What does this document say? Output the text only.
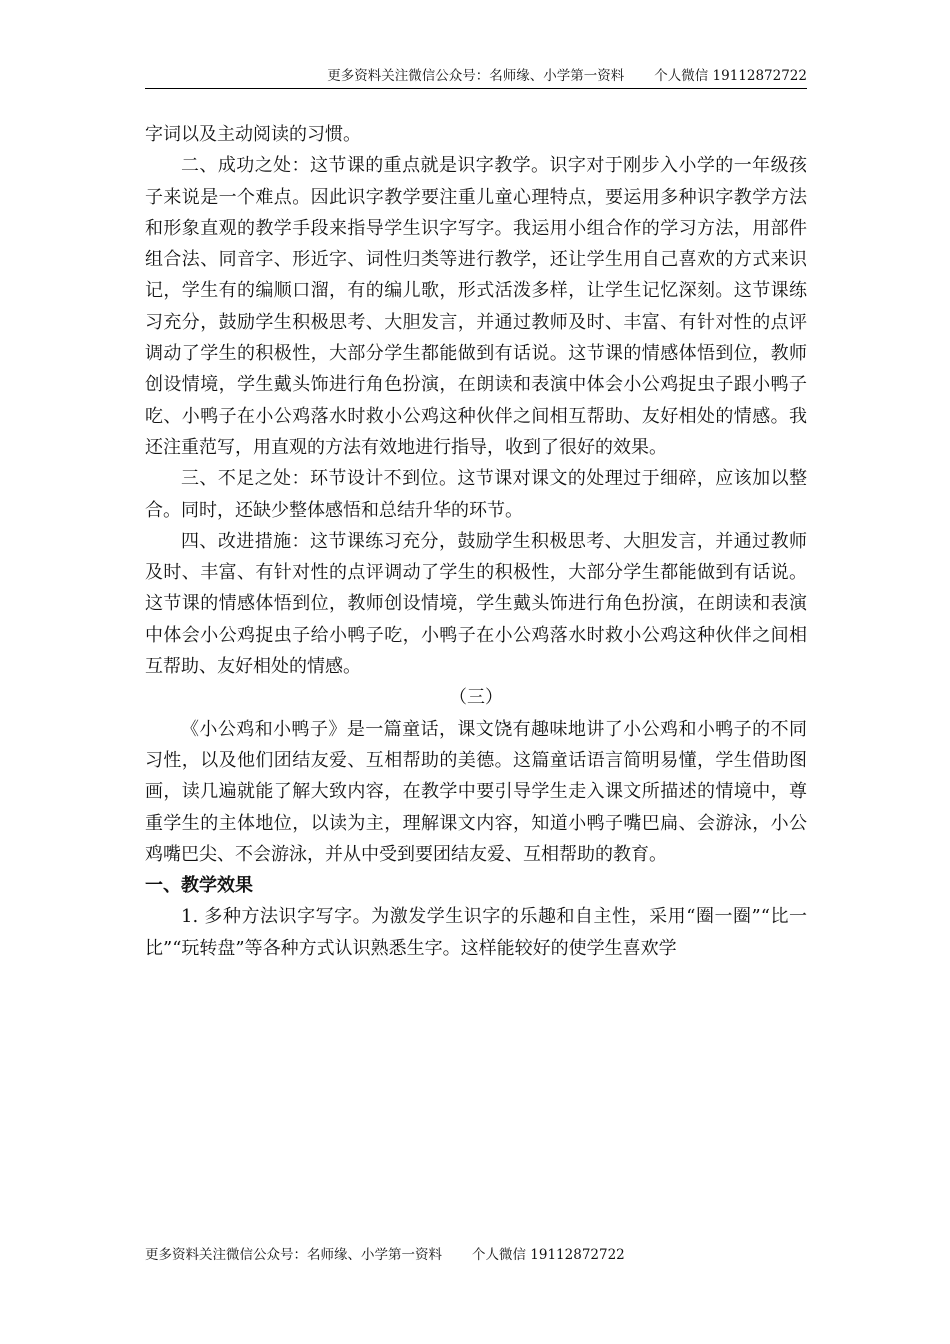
更多资料关注微信公众号：名师缘、小学第一资料 个人微信 19112872722

字词以及主动阅读的习惯。

二、成功之处：这节课的重点就是识字教学。识字对于刚步入小学的一年级孩子来说是一个难点。因此识字教学要注重儿童心理特点，要运用多种识字教学方法和形象直观的教学手段来指导学生识字写字。我运用小组合作的学习方法，用部件组合法、同音字、形近字、词性归类等进行教学，还让学生用自己喜欢的方式来识记，学生有的编顺口溜，有的编儿歌，形式活泼多样，让学生记忆深刻。这节课练习充分，鼓励学生积极思考、大胆发言，并通过教师及时、丰富、有针对性的点评调动了学生的积极性，大部分学生都能做到有话说。这节课的情感体悟到位，教师创设情境，学生戴头饰进行角色扮演，在朗读和表演中体会小公鸡捉虫子跟小鸭子吃、小鸭子在小公鸡落水时救小公鸡这种伙伴之间相互帮助、友好相处的情感。我还注重范写，用直观的方法有效地进行指导，收到了很好的效果。

三、不足之处：环节设计不到位。这节课对课文的处理过于细碎，应该加以整合。同时，还缺少整体感悟和总结升华的环节。

四、改进措施：这节课练习充分，鼓励学生积极思考、大胆发言，并通过教师及时、丰富、有针对性的点评调动了学生的积极性，大部分学生都能做到有话说。这节课的情感体悟到位，教师创设情境，学生戴头饰进行角色扮演，在朗读和表演中体会小公鸡捉虫子给小鸭子吃，小鸭子在小公鸡落水时救小公鸡这种伙伴之间相互帮助、友好相处的情感。

（三）

《小公鸡和小鸭子》是一篇童话，课文饶有趣味地讲了小公鸡和小鸭子的不同习性，以及他们团结友爱、互相帮助的美德。这篇童话语言简明易懂，学生借助图画，读几遍就能了解大致内容，在教学中要引导学生走入课文所描述的情境中，尊重学生的主体地位，以读为主，理解课文内容，知道小鸭子嘴巴扁、会游泳，小公鸡嘴巴尖、不会游泳，并从中受到要团结友爱、互相帮助的教育。

一、教学效果

1. 多种方法识字写字。为激发学生识字的乐趣和自主性，采用“圈一圈”“比一比”“玩转盘”等各种方式认识熟悉生字。这样能较好的使学生喜欢学

更多资料关注微信公众号：名师缘、小学第一资料 个人微信 19112872722
